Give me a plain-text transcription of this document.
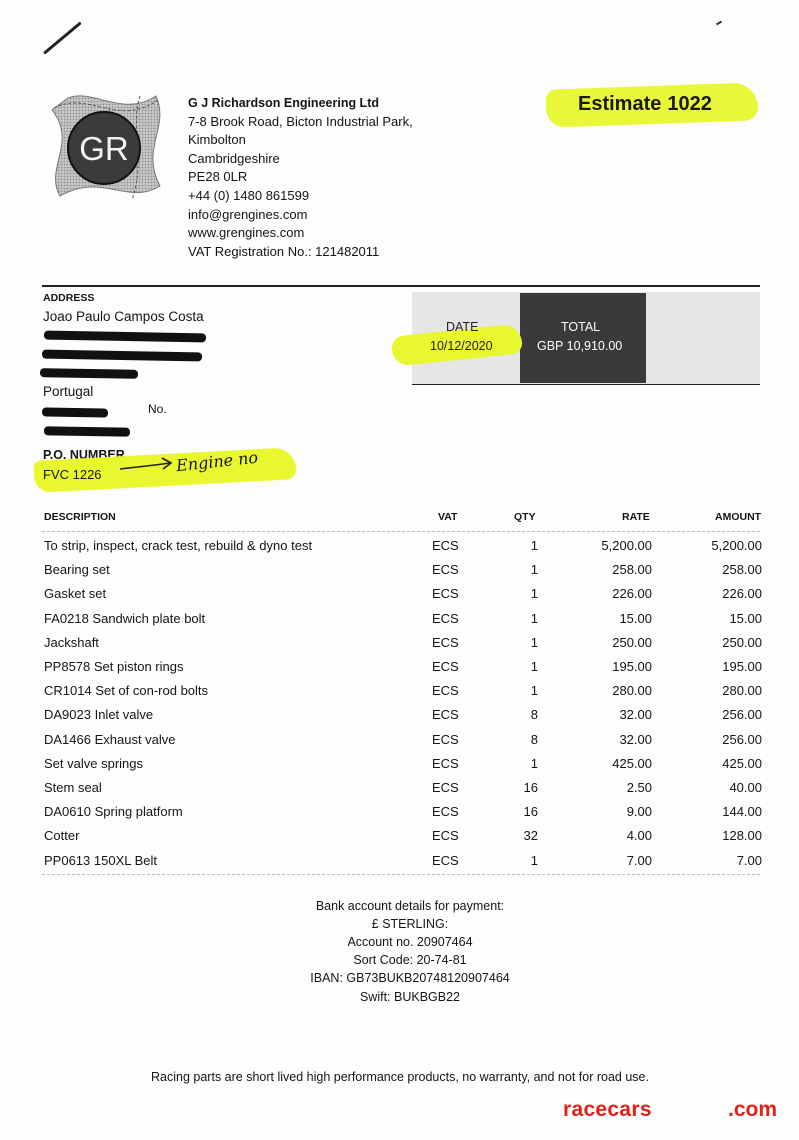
GR
G J Richardson Engineering Ltd
7-8 Brook Road, Bicton Industrial Park,
Kimbolton
Cambridgeshire
PE28 0LR
+44 (0) 1480 861599
info@grengines.com
www.grengines.com
VAT Registration No.: 121482011
Estimate 1022
ADDRESS
Joao Paulo Campos Costa
Portugal
No.
DATE
10/12/2020
TOTAL
GBP 10,910.00
P.O. NUMBER
FVC 1226	Engine no
DESCRIPTION	VAT	QTY	RATE	AMOUNT
To strip, inspect, crack test, rebuild & dyno test	ECS	1	5,200.00	5,200.00
Bearing set	ECS	1	258.00	258.00
Gasket set	ECS	1	226.00	226.00
FA0218 Sandwich plate bolt	ECS	1	15.00	15.00
Jackshaft	ECS	1	250.00	250.00
PP8578 Set piston rings	ECS	1	195.00	195.00
CR1014 Set of con-rod bolts	ECS	1	280.00	280.00
DA9023 Inlet valve	ECS	8	32.00	256.00
DA1466 Exhaust valve	ECS	8	32.00	256.00
Set valve springs	ECS	1	425.00	425.00
Stem seal	ECS	16	2.50	40.00
DA0610 Spring platform	ECS	16	9.00	144.00
Cotter	ECS	32	4.00	128.00
PP0613 150XL Belt	ECS	1	7.00	7.00
Bank account details for payment:
£ STERLING:
Account no. 20907464
Sort Code: 20-74-81
IBAN: GB73BUKB20748120907464
Swift: BUKBGB22
Racing parts are short lived high performance products, no warranty, and not for road use.
racecars	.com
